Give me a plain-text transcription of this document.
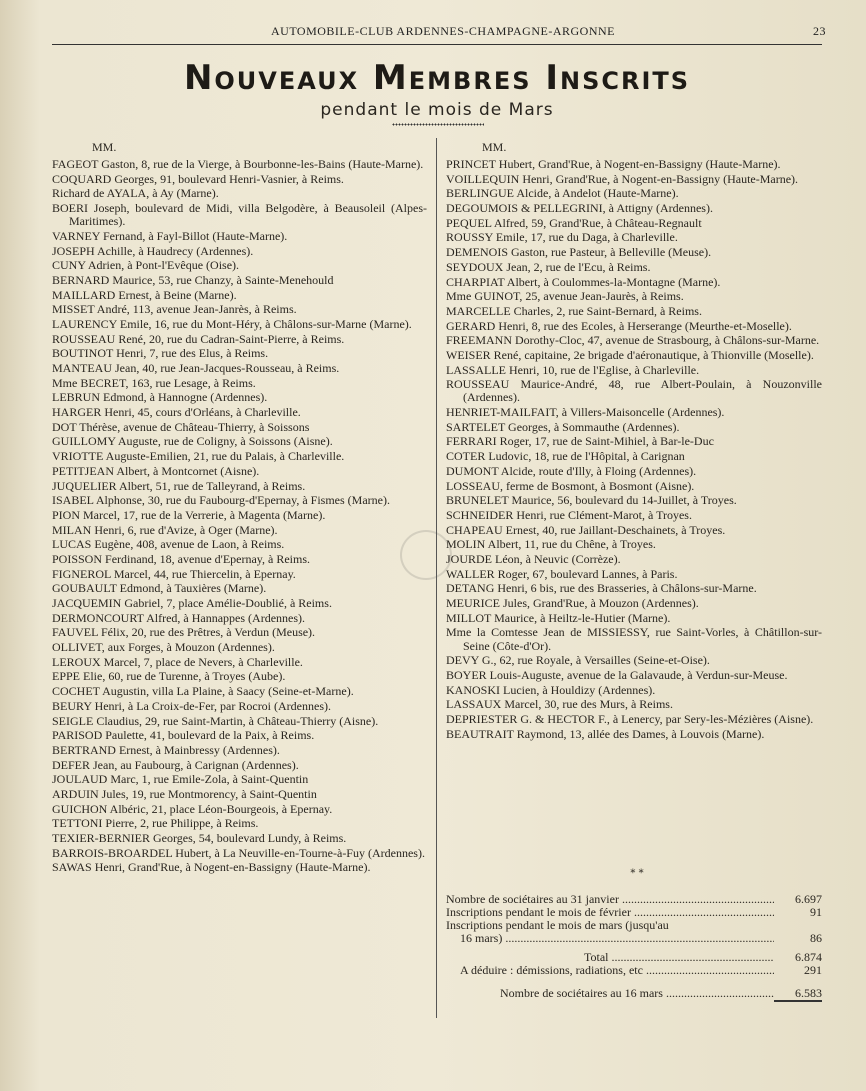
AUTOMOBILE-CLUB ARDENNES-CHAMPAGNE-ARGONNE	23
Nouveaux Membres Inscrits
pendant le mois de Mars
MM.	MM.

FAGEOT Gaston, 8, rue de la Vierge, à Bourbonne-les-Bains (Haute-Marne).

COQUARD Georges, 91, boulevard Henri-Vasnier, à Reims.

Richard de AYALA, à Ay (Marne).

BOERI Joseph, boulevard de Midi, villa Belgodère, à Beausoleil (Alpes-Maritimes).

VARNEY Fernand, à Fayl-Billot (Haute-Marne).

JOSEPH Achille, à Haudrecy (Ardennes).

CUNY Adrien, à Pont-l'Evêque (Oise).

BERNARD Maurice, 53, rue Chanzy, à Sainte-Menehould

MAILLARD Ernest, à Beine (Marne).

MISSET André, 113, avenue Jean-Janrès, à Reims.

LAURENCY Emile, 16, rue du Mont-Héry, à Châlons-sur-Marne (Marne).

ROUSSEAU René, 20, rue du Cadran-Saint-Pierre, à Reims.

BOUTINOT Henri, 7, rue des Elus, à Reims.

MANTEAU Jean, 40, rue Jean-Jacques-Rousseau, à Reims.

Mme BECRET, 163, rue Lesage, à Reims.

LEBRUN Edmond, à Hannogne (Ardennes).

HARGER Henri, 45, cours d'Orléans, à Charleville.

DOT Thérèse, avenue de Château-Thierry, à Soissons

GUILLOMY Auguste, rue de Coligny, à Soissons (Aisne).

VRIOTTE Auguste-Emilien, 21, rue du Palais, à Charleville.

PETITJEAN Albert, à Montcornet (Aisne).

JUQUELIER Albert, 51, rue de Talleyrand, à Reims.

ISABEL Alphonse, 30, rue du Faubourg-d'Epernay, à Fismes (Marne).

PION Marcel, 17, rue de la Verrerie, à Magenta (Marne).

MILAN Henri, 6, rue d'Avize, à Oger (Marne).

LUCAS Eugène, 408, avenue de Laon, à Reims.

POISSON Ferdinand, 18, avenue d'Epernay, à Reims.

FIGNEROL Marcel, 44, rue Thiercelin, à Epernay.

GOUBAULT Edmond, à Tauxières (Marne).

JACQUEMIN Gabriel, 7, place Amélie-Doublié, à Reims.

DERMONCOURT Alfred, à Hannappes (Ardennes).

FAUVEL Félix, 20, rue des Prêtres, à Verdun (Meuse).

OLLIVET, aux Forges, à Mouzon (Ardennes).

LEROUX Marcel, 7, place de Nevers, à Charleville.

EPPE Elie, 60, rue de Turenne, à Troyes (Aube).

COCHET Augustin, villa La Plaine, à Saacy (Seine-et-Marne).

BEURY Henri, à La Croix-de-Fer, par Rocroi (Ardennes).

SEIGLE Claudius, 29, rue Saint-Martin, à Château-Thierry (Aisne).

PARISOD Paulette, 41, boulevard de la Paix, à Reims.

BERTRAND Ernest, à Mainbressy (Ardennes).

DEFER Jean, au Faubourg, à Carignan (Ardennes).

JOULAUD Marc, 1, rue Emile-Zola, à Saint-Quentin

ARDUIN Jules, 19, rue Montmorency, à Saint-Quentin

GUICHON Albéric, 21, place Léon-Bourgeois, à Epernay.

TETTONI Pierre, 2, rue Philippe, à Reims.

TEXIER-BERNIER Georges, 54, boulevard Lundy, à Reims.

BARROIS-BROARDEL Hubert, à La Neuville-en-Tourne-à-Fuy (Ardennes).

SAWAS Henri, Grand'Rue, à Nogent-en-Bassigny (Haute-Marne).

PRINCET Hubert, Grand'Rue, à Nogent-en-Bassigny (Haute-Marne).

VOILLEQUIN Henri, Grand'Rue, à Nogent-en-Bassigny (Haute-Marne).

BERLINGUE Alcide, à Andelot (Haute-Marne).

DEGOUMOIS & PELLEGRINI, à Attigny (Ardennes).

PEQUEL Alfred, 59, Grand'Rue, à Château-Regnault

ROUSSY Emile, 17, rue du Daga, à Charleville.

DEMENOIS Gaston, rue Pasteur, à Belleville (Meuse).

SEYDOUX Jean, 2, rue de l'Ecu, à Reims.

CHARPIAT Albert, à Coulommes-la-Montagne (Marne).

Mme GUINOT, 25, avenue Jean-Jaurès, à Reims.

MARCELLE Charles, 2, rue Saint-Bernard, à Reims.

GERARD Henri, 8, rue des Ecoles, à Herserange (Meurthe-et-Moselle).

FREEMANN Dorothy-Cloc, 47, avenue de Strasbourg, à Châlons-sur-Marne.

WEISER René, capitaine, 2e brigade d'aéronautique, à Thionville (Moselle).

LASSALLE Henri, 10, rue de l'Eglise, à Charleville.

ROUSSEAU Maurice-André, 48, rue Albert-Poulain, à Nouzonville (Ardennes).

HENRIET-MAILFAIT, à Villers-Maisoncelle (Ardennes).

SARTELET Georges, à Sommauthe (Ardennes).

FERRARI Roger, 17, rue de Saint-Mihiel, à Bar-le-Duc

COTER Ludovic, 18, rue de l'Hôpital, à Carignan

DUMONT Alcide, route d'Illy, à Floing (Ardennes).

LOSSEAU, ferme de Bosmont, à Bosmont (Aisne).

BRUNELET Maurice, 56, boulevard du 14-Juillet, à Troyes.

SCHNEIDER Henri, rue Clément-Marot, à Troyes.

CHAPEAU Ernest, 40, rue Jaillant-Deschainets, à Troyes.

MOLIN Albert, 11, rue du Chêne, à Troyes.

JOURDE Léon, à Neuvic (Corrèze).

WALLER Roger, 67, boulevard Lannes, à Paris.

DETANG Henri, 6 bis, rue des Brasseries, à Châlons-sur-Marne.

MEURICE Jules, Grand'Rue, à Mouzon (Ardennes).

MILLOT Maurice, à Heiltz-le-Hutier (Marne).

Mme la Comtesse Jean de MISSIESSY, rue Saint-Vorles, à Châtillon-sur-Seine (Côte-d'Or).

DEVY G., 62, rue Royale, à Versailles (Seine-et-Oise).

BOYER Louis-Auguste, avenue de la Galavaude, à Verdun-sur-Meuse.

KANOSKI Lucien, à Houldizy (Ardennes).

LASSAUX Marcel, 30, rue des Murs, à Reims.

DEPRIESTER G. & HECTOR F., à Lenercy, par Sery-les-Mézières (Aisne).

BEAUTRAIT Raymond, 13, allée des Dames, à Louvois (Marne).

* *
Nombre de sociétaires au 31 janvier .....	6.697
Inscriptions pendant le mois de février .....	91
Inscriptions pendant le mois de mars (jusqu'au
16 mars) .....	86
Total .....	6.874
A déduire : démissions, radiations, etc .....	291
Nombre de sociétaires au 16 mars .....	6.583
